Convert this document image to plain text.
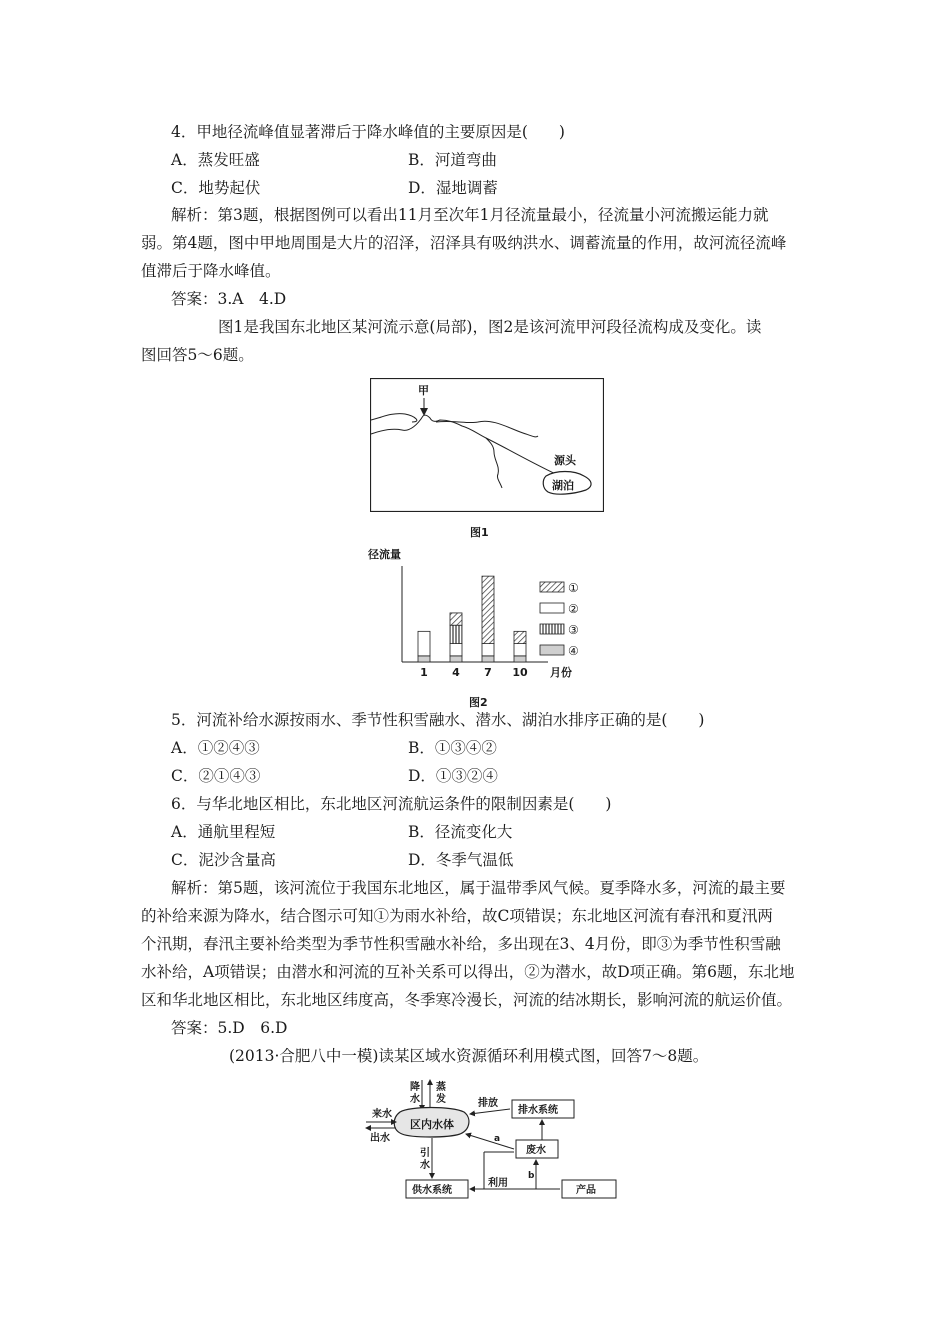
4．甲地径流峰值显著滞后于降水峰值的主要原因是(　　)
A．蒸发旺盛	B．河道弯曲
C．地势起伏	D．湿地调蓄
解析：第3题，根据图例可以看出11月至次年1月径流量最小，径流量小河流搬运能力就
弱。第4题，图中甲地周围是大片的沼泽，沼泽具有吸纳洪水、调蓄流量的作用，故河流径流峰
值滞后于降水峰值。
答案：3.A　4.D
图1是我国东北地区某河流示意(局部)，图2是该河流甲河段径流构成及变化。读
图回答5～6题。
甲
源头
湖泊
图1
径流量
1 4 7 10 月份
①
②
③
④
图2
5．河流补给水源按雨水、季节性积雪融水、潜水、湖泊水排序正确的是(　　)
A．①②④③	B．①③④②
C．②①④③	D．①③②④
6．与华北地区相比，东北地区河流航运条件的限制因素是(　　)
A．通航里程短	B．径流变化大
C．泥沙含量高	D．冬季气温低
解析：第5题，该河流位于我国东北地区，属于温带季风气候。夏季降水多，河流的最主要
的补给来源为降水，结合图示可知①为雨水补给，故C项错误；东北地区河流有春汛和夏汛两
个汛期，春汛主要补给类型为季节性积雪融水补给，多出现在3、4月份，即③为季节性积雪融
水补给，A项错误；由潜水和河流的互补关系可以得出，②为潜水，故D项正确。第6题，东北地
区和华北地区相比，东北地区纬度高，冬季寒冷漫长，河流的结冰期长，影响河流的航运价值。
答案：5.D　6.D
(2013·合肥八中一模)读某区域水资源循环利用模式图，回答7～8题。
降
水
蒸
发
区内水体
来水
出水
排水系统
排放
废水
a
引
水
供水系统
利用
b
产品
